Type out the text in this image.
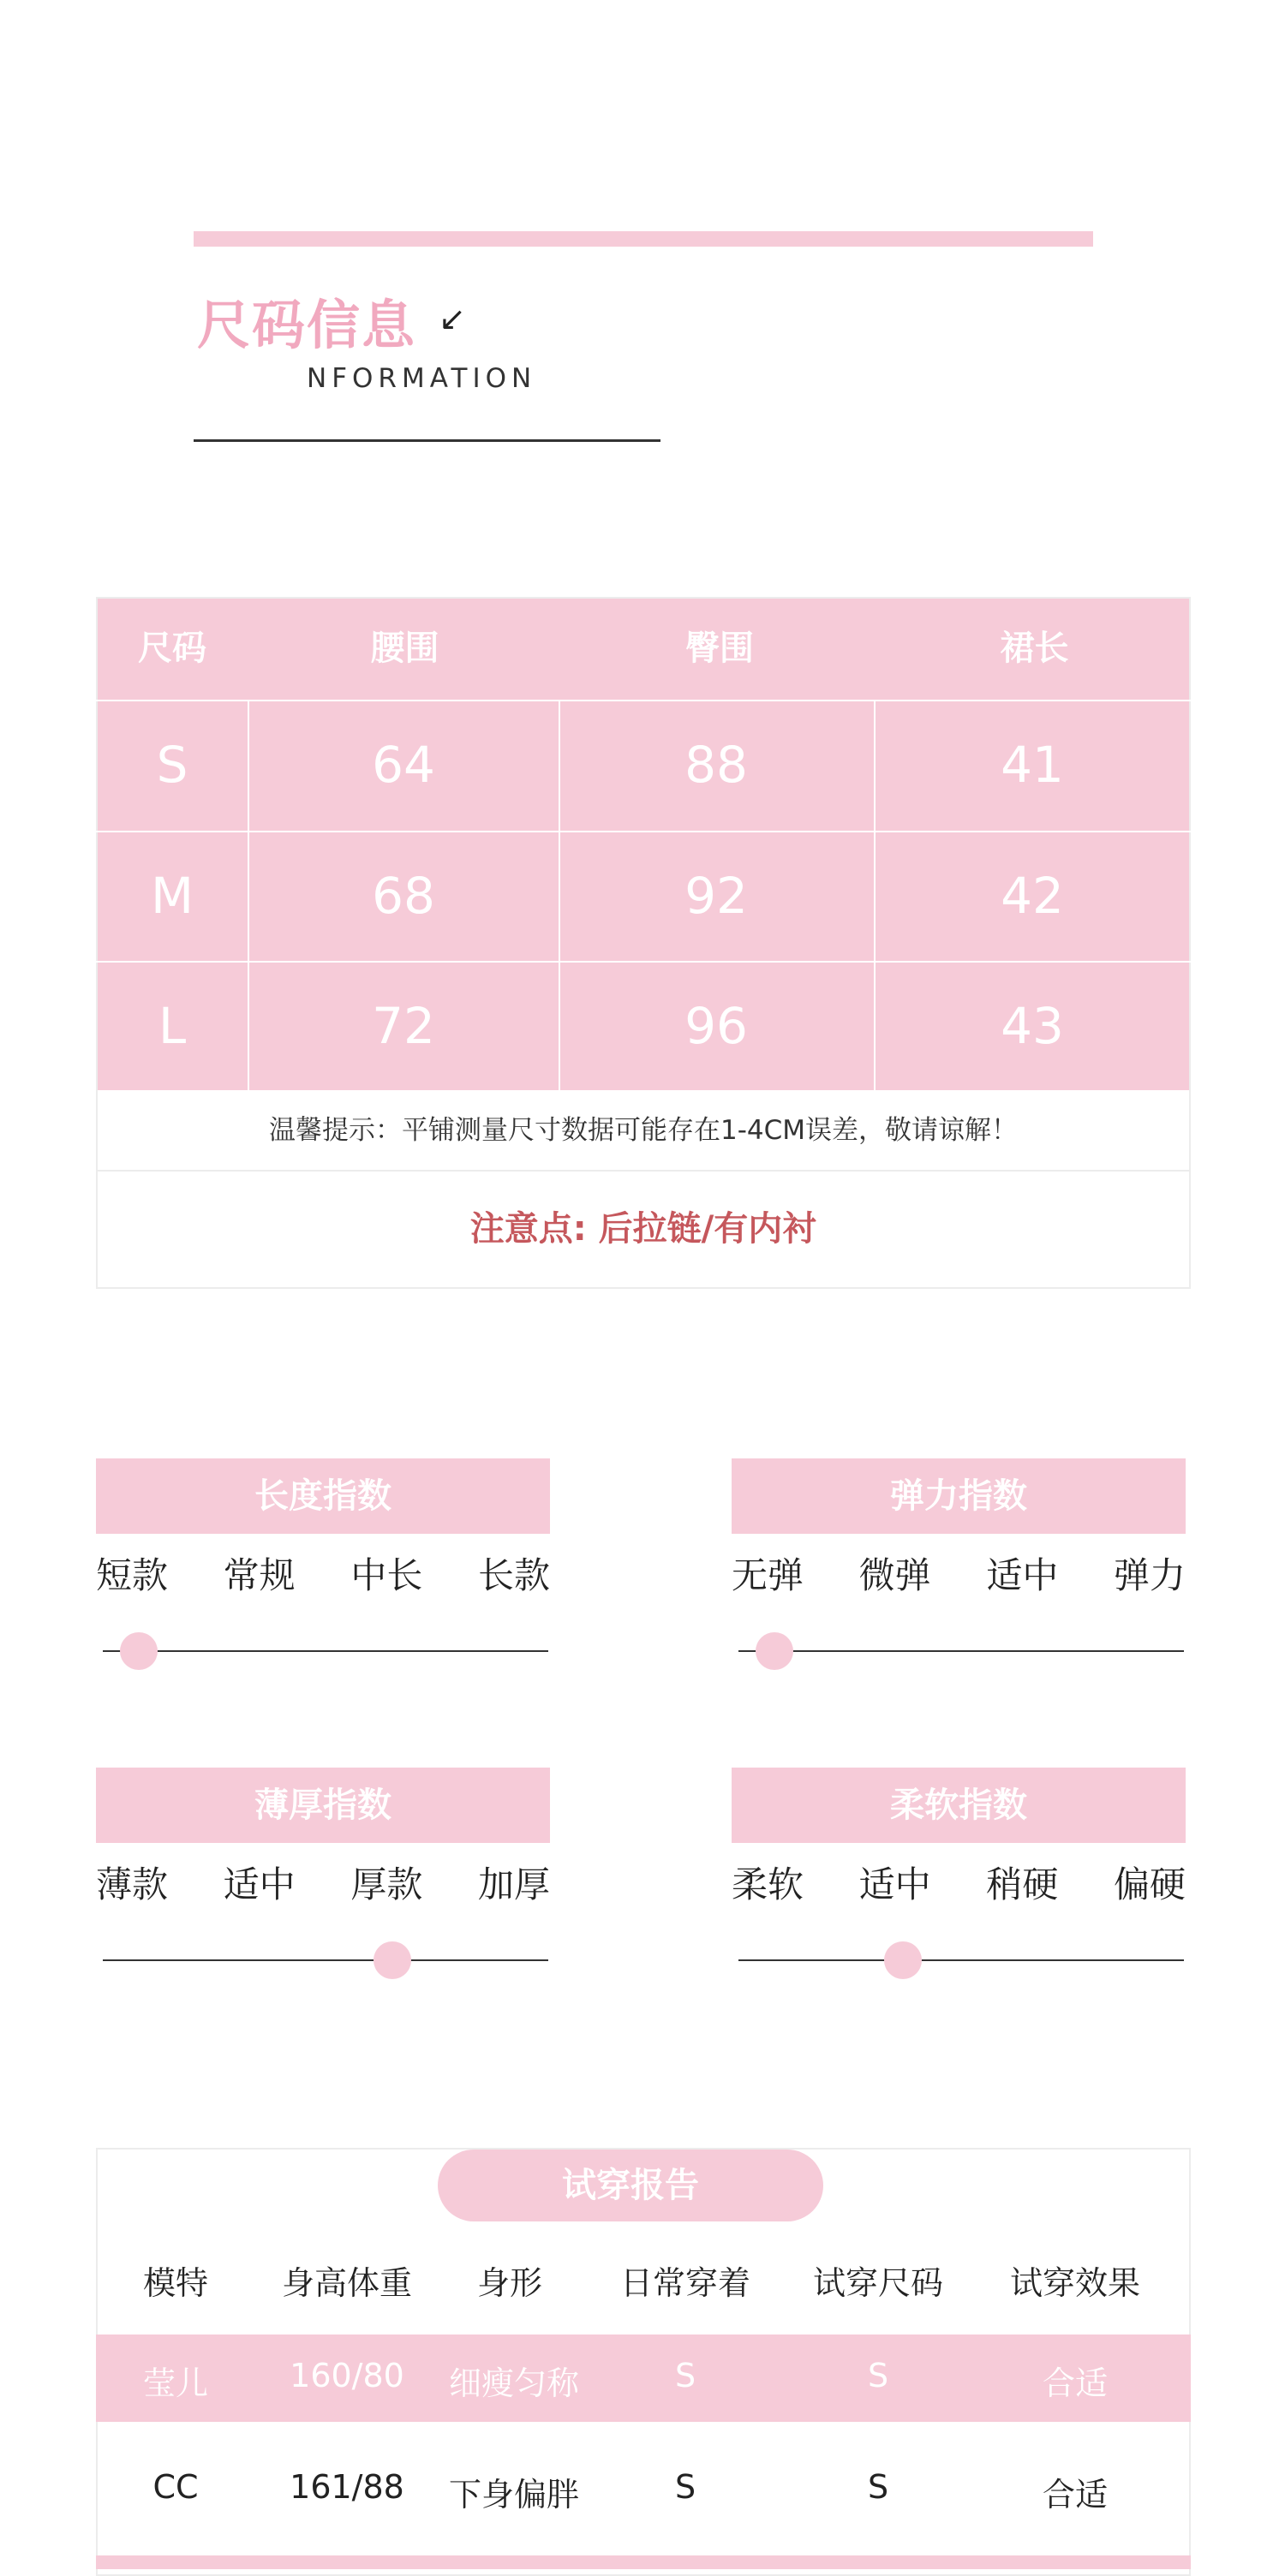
尺码信息 ↙
NFORMATION
尺码	腰围	臀围	裙长
S	64	88	41
M	68	92	42
L	72	96	43
温馨提示：平铺测量尺寸数据可能存在1-4CM误差，敬请谅解！
注意点: 后拉链/有内衬
长度指数
短款 常规 中长 长款
弹力指数
无弹 微弹 适中 弹力
薄厚指数
薄款 适中 厚款 加厚
柔软指数
柔软 适中 稍硬 偏硬
试穿报告
模特	身高体重	身形	日常穿着	试穿尺码	试穿效果
莹儿	160/80	细瘦匀称	S	S	合适
CC	161/88	下身偏胖	S	S	合适
